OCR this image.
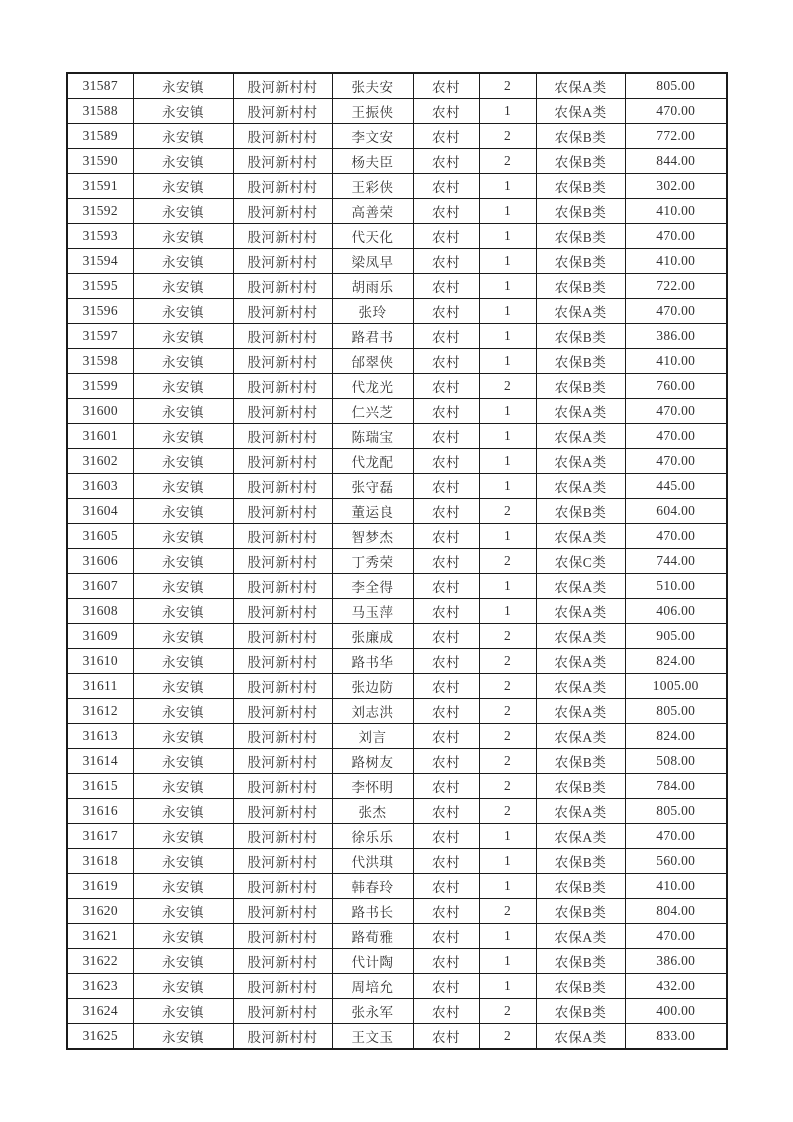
31587	永安镇	股河新村村	张夫安	农村	2	农保A类	805.00
31588	永安镇	股河新村村	王振侠	农村	1	农保A类	470.00
31589	永安镇	股河新村村	李文安	农村	2	农保B类	772.00
31590	永安镇	股河新村村	杨夫臣	农村	2	农保B类	844.00
31591	永安镇	股河新村村	王彩侠	农村	1	农保B类	302.00
31592	永安镇	股河新村村	高善荣	农村	1	农保B类	410.00
31593	永安镇	股河新村村	代天化	农村	1	农保B类	470.00
31594	永安镇	股河新村村	梁凤早	农村	1	农保B类	410.00
31595	永安镇	股河新村村	胡雨乐	农村	1	农保B类	722.00
31596	永安镇	股河新村村	张玲	农村	1	农保A类	470.00
31597	永安镇	股河新村村	路君书	农村	1	农保B类	386.00
31598	永安镇	股河新村村	邰翠侠	农村	1	农保B类	410.00
31599	永安镇	股河新村村	代龙光	农村	2	农保B类	760.00
31600	永安镇	股河新村村	仁兴芝	农村	1	农保A类	470.00
31601	永安镇	股河新村村	陈瑞宝	农村	1	农保A类	470.00
31602	永安镇	股河新村村	代龙配	农村	1	农保A类	470.00
31603	永安镇	股河新村村	张守磊	农村	1	农保A类	445.00
31604	永安镇	股河新村村	董运良	农村	2	农保B类	604.00
31605	永安镇	股河新村村	智梦杰	农村	1	农保A类	470.00
31606	永安镇	股河新村村	丁秀荣	农村	2	农保C类	744.00
31607	永安镇	股河新村村	李全得	农村	1	农保A类	510.00
31608	永安镇	股河新村村	马玉萍	农村	1	农保A类	406.00
31609	永安镇	股河新村村	张廉成	农村	2	农保A类	905.00
31610	永安镇	股河新村村	路书华	农村	2	农保A类	824.00
31611	永安镇	股河新村村	张边防	农村	2	农保A类	1005.00
31612	永安镇	股河新村村	刘志洪	农村	2	农保A类	805.00
31613	永安镇	股河新村村	刘言	农村	2	农保A类	824.00
31614	永安镇	股河新村村	路树友	农村	2	农保B类	508.00
31615	永安镇	股河新村村	李怀明	农村	2	农保B类	784.00
31616	永安镇	股河新村村	张杰	农村	2	农保A类	805.00
31617	永安镇	股河新村村	徐乐乐	农村	1	农保A类	470.00
31618	永安镇	股河新村村	代洪琪	农村	1	农保B类	560.00
31619	永安镇	股河新村村	韩春玲	农村	1	农保B类	410.00
31620	永安镇	股河新村村	路书长	农村	2	农保B类	804.00
31621	永安镇	股河新村村	路荀雅	农村	1	农保A类	470.00
31622	永安镇	股河新村村	代计陶	农村	1	农保B类	386.00
31623	永安镇	股河新村村	周培允	农村	1	农保B类	432.00
31624	永安镇	股河新村村	张永军	农村	2	农保B类	400.00
31625	永安镇	股河新村村	王文玉	农村	2	农保A类	833.00
